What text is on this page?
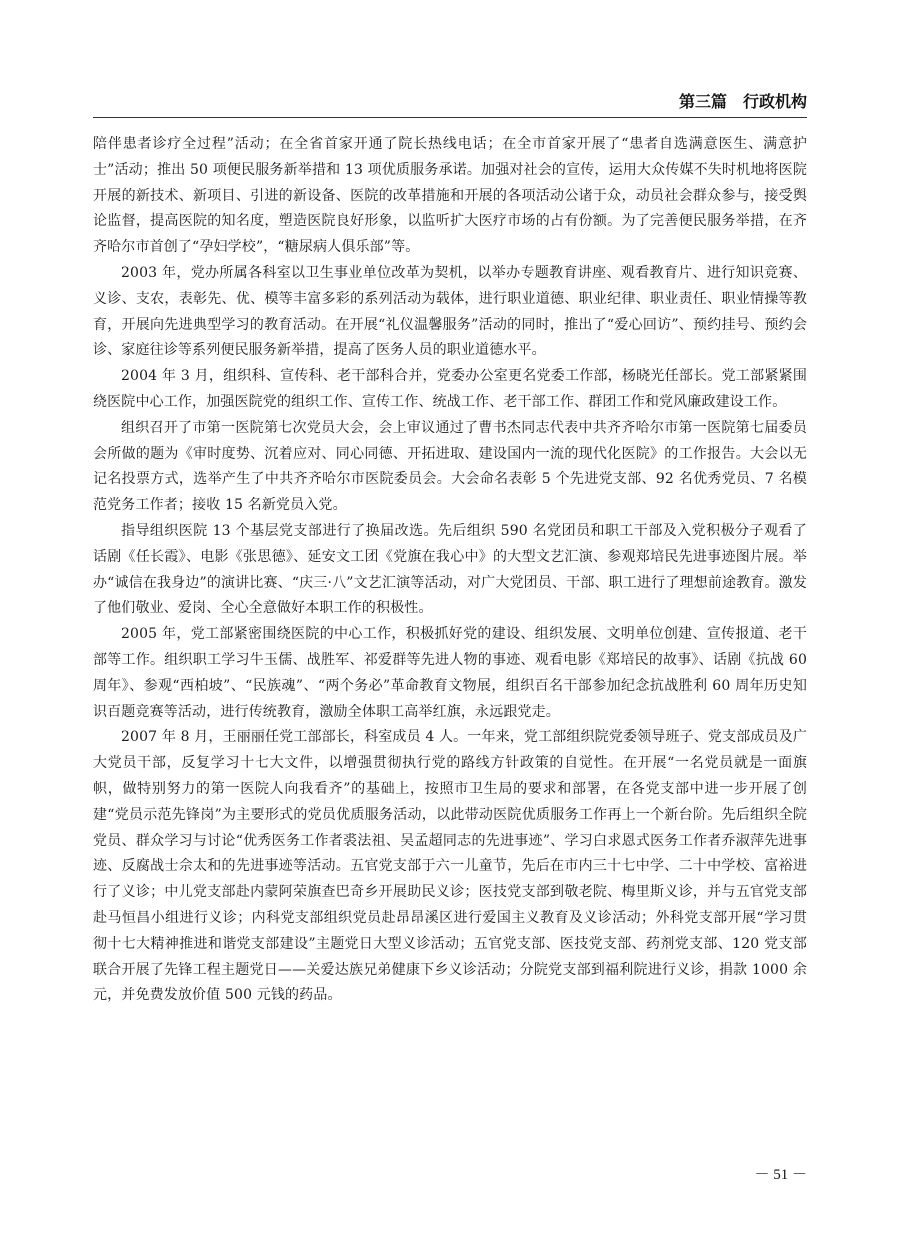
第三篇　行政机构

陪伴患者诊疗全过程”活动；在全省首家开通了院长热线电话；在全市首家开展了“患者自选满意医生、满意护士”活动；推出 50 项便民服务新举措和 13 项优质服务承诺。加强对社会的宣传，运用大众传媒不失时机地将医院开展的新技术、新项目、引进的新设备、医院的改革措施和开展的各项活动公诸于众，动员社会群众参与，接受舆论监督，提高医院的知名度，塑造医院良好形象，以监听扩大医疗市场的占有份额。为了完善便民服务举措，在齐齐哈尔市首创了“孕妇学校”，“糖尿病人俱乐部”等。

2003 年，党办所属各科室以卫生事业单位改革为契机，以举办专题教育讲座、观看教育片、进行知识竞赛、义诊、支农，表彰先、优、模等丰富多彩的系列活动为载体，进行职业道德、职业纪律、职业责任、职业情操等教育，开展向先进典型学习的教育活动。在开展“礼仪温馨服务”活动的同时，推出了“爱心回访”、预约挂号、预约会诊、家庭往诊等系列便民服务新举措，提高了医务人员的职业道德水平。

2004 年 3 月，组织科、宣传科、老干部科合并，党委办公室更名党委工作部，杨晓光任部长。党工部紧紧围绕医院中心工作，加强医院党的组织工作、宣传工作、统战工作、老干部工作、群团工作和党风廉政建设工作。

组织召开了市第一医院第七次党员大会，会上审议通过了曹书杰同志代表中共齐齐哈尔市第一医院第七届委员会所做的题为《审时度势、沉着应对、同心同德、开拓进取、建设国内一流的现代化医院》的工作报告。大会以无记名投票方式，选举产生了中共齐齐哈尔市医院委员会。大会命名表彰 5 个先进党支部、92 名优秀党员、7 名模范党务工作者；接收 15 名新党员入党。

指导组织医院 13 个基层党支部进行了换届改选。先后组织 590 名党团员和职工干部及入党积极分子观看了话剧《任长霞》、电影《张思德》、延安文工团《党旗在我心中》的大型文艺汇演、参观郑培民先进事迹图片展。举办“诚信在我身边”的演讲比赛、“庆三·八”文艺汇演等活动，对广大党团员、干部、职工进行了理想前途教育。激发了他们敬业、爱岗、全心全意做好本职工作的积极性。

2005 年，党工部紧密围绕医院的中心工作，积极抓好党的建设、组织发展、文明单位创建、宣传报道、老干部等工作。组织职工学习牛玉儒、战胜军、祁爱群等先进人物的事迹、观看电影《郑培民的故事》、话剧《抗战 60 周年》、参观“西柏坡”、“民族魂”、“两个务必”革命教育文物展，组织百名干部参加纪念抗战胜利 60 周年历史知识百题竞赛等活动，进行传统教育，激励全体职工高举红旗，永远跟党走。

2007 年 8 月，王丽丽任党工部部长，科室成员 4 人。一年来，党工部组织院党委领导班子、党支部成员及广大党员干部，反复学习十七大文件，以增强贯彻执行党的路线方针政策的自觉性。在开展“一名党员就是一面旗帜，做特别努力的第一医院人向我看齐”的基础上，按照市卫生局的要求和部署，在各党支部中进一步开展了创建“党员示范先锋岗”为主要形式的党员优质服务活动，以此带动医院优质服务工作再上一个新台阶。先后组织全院党员、群众学习与讨论“优秀医务工作者裘法祖、吴孟超同志的先进事迹”、学习白求恩式医务工作者乔淑萍先进事迹、反腐战士佘太和的先进事迹等活动。五官党支部于六一儿童节，先后在市内三十七中学、二十中学校、富裕进行了义诊；中儿党支部赴内蒙阿荣旗查巴奇乡开展助民义诊；医技党支部到敬老院、梅里斯义诊，并与五官党支部赴马恒昌小组进行义诊；内科党支部组织党员赴昂昂溪区进行爱国主义教育及义诊活动；外科党支部开展“学习贯彻十七大精神推进和谐党支部建设”主题党日大型义诊活动；五官党支部、医技党支部、药剂党支部、120 党支部联合开展了先锋工程主题党日——关爱达族兄弟健康下乡义诊活动；分院党支部到福利院进行义诊，捐款 1000 余元，并免费发放价值 500 元钱的药品。

－ 51 －
